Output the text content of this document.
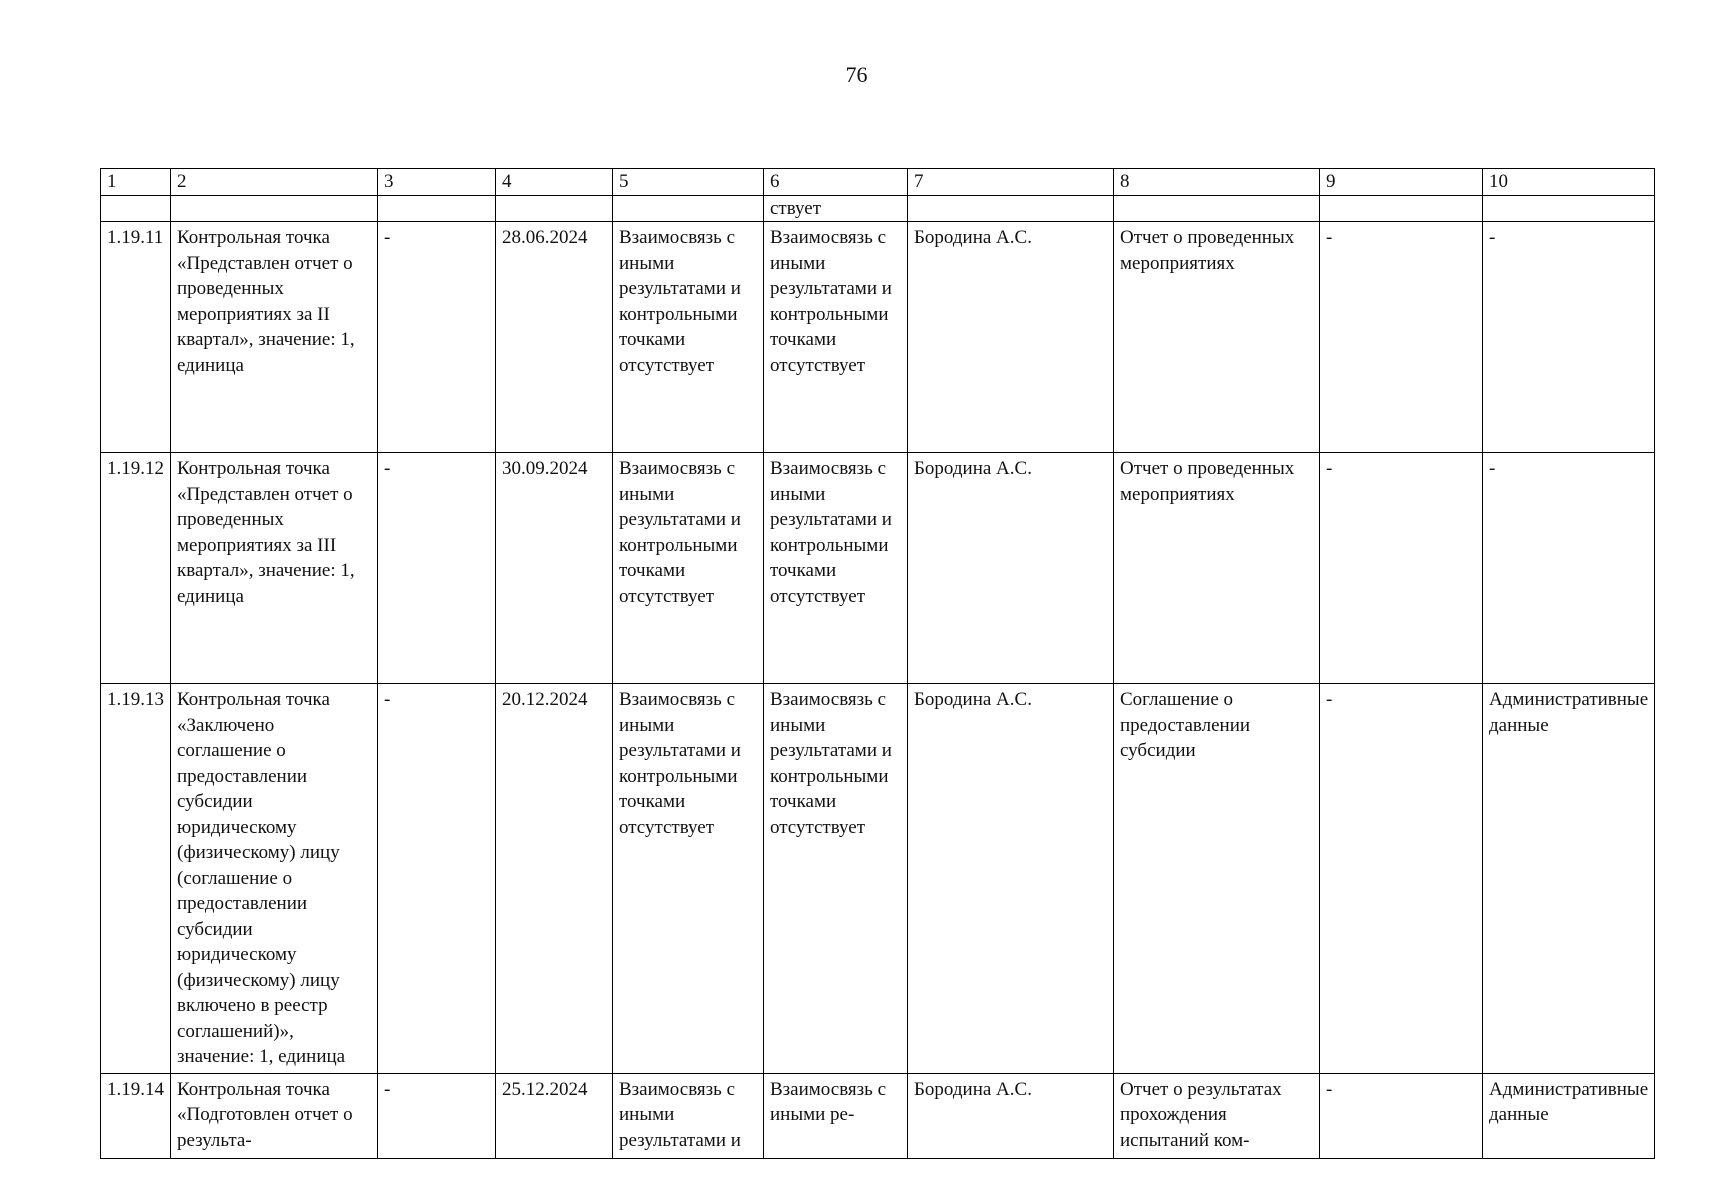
76
1	2	3	4	5	6	7	8	9	10
					ствует				
1.19.11	Контрольная точка «Представлен отчет о проведенных мероприятиях за II квартал», значение: 1, единица	-	28.06.2024	Взаимосвязь с иными результатами и контрольными точками отсутствует	Взаимосвязь с иными результатами и контрольными точками отсутствует	Бородина А.С.	Отчет о проведенных мероприятиях	-	-
1.19.12	Контрольная точка «Представлен отчет о проведенных мероприятиях за III квартал», значение: 1, единица	-	30.09.2024	Взаимосвязь с иными результатами и контрольными точками отсутствует	Взаимосвязь с иными результатами и контрольными точками отсутствует	Бородина А.С.	Отчет о проведенных мероприятиях	-	-
1.19.13	Контрольная точка «Заключено соглашение о предоставлении субсидии юридическому (физическому) лицу (соглашение о предоставлении субсидии юридическому (физическому) лицу включено в реестр соглашений)», значение: 1, единица	-	20.12.2024	Взаимосвязь с иными результатами и контрольными точками отсутствует	Взаимосвязь с иными результатами и контрольными точками отсутствует	Бородина А.С.	Соглашение о предоставлении субсидии	-	Административные данные
1.19.14	Контрольная точка «Подготовлен отчет о результа-	-	25.12.2024	Взаимосвязь с иными результатами и	Взаимосвязь с иными ре-	Бородина А.С.	Отчет о результатах прохождения испытаний ком-	-	Административные данные
